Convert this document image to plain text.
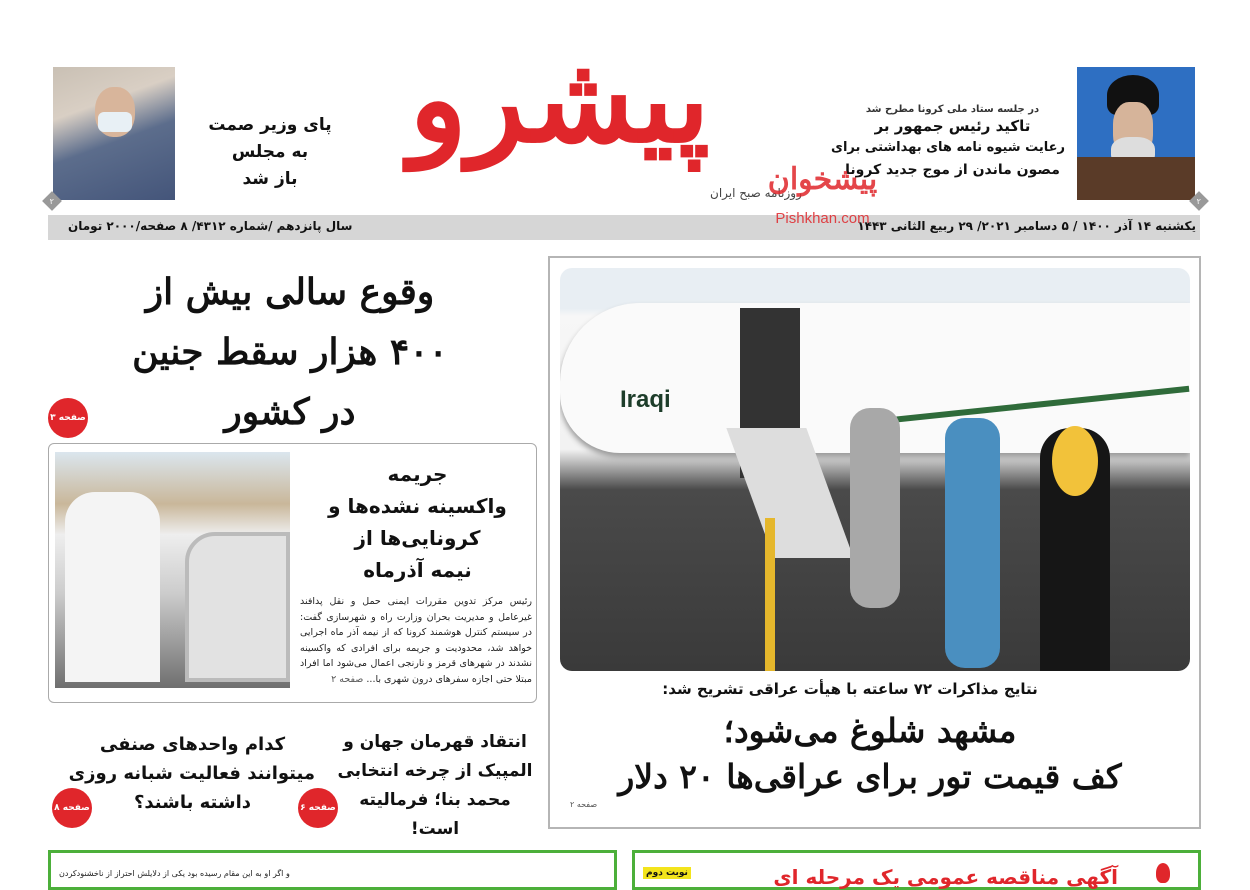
پیشرو
روزنامه صبح ایران
۲
پای وزیر صمت
به مجلس
باز شد
۲
در جلسه ستاد ملی کرونا مطرح شد
تاکید رئیس جمهور بر
رعایت شیوه نامه های بهداشتی برای
مصون ماندن از موج جدید کرونا
سال پانزدهم /شماره ۴۳۱۲/ ۸ صفحه/۲۰۰۰ تومان	یکشنبه ۱۴ آذر ۱۴۰۰ / ۵ دسامبر ۲۰۲۱/ ۲۹ ربیع الثانی ۱۴۴۳
پیشخوان
Pishkhan.com
وقوع سالی بیش از
۴۰۰ هزار سقط جنین
در کشور
صفحه ۳
جریمه
واکسینه نشده‌ها و
کرونایی‌ها از
نیمه آذرماه
رئیس مرکز تدوین مقررات ایمنی حمل و نقل پدافند غیرعامل و مدیریت بحران وزارت راه و شهرسازی گفت: در سیستم کنترل هوشمند کرونا که از نیمه آذر ماه اجرایی خواهد شد، محدودیت و جریمه برای افرادی که واکسینه نشدند در شهرهای قرمز و نارنجی اعمال می‌شود اما افراد مبتلا حتی اجازه سفرهای درون شهری با... صفحه ۲
انتقاد قهرمان جهان و
المپیک از چرخه انتخابی
محمد بنا؛ فرمالیته است!
صفحه ۶
کدام واحدهای صنفی
میتوانند فعالیت شبانه روزی
داشته باشند؟
صفحه ۸
Iraqi
نتایج مذاکرات ۷۲ ساعته با هیأت عراقی تشریح شد:
مشهد شلوغ می‌شود؛
کف قیمت تور برای عراقی‌ها ۲۰ دلار
صفحه ۲
و اگر او به این مقام رسیده بود یکی از دلایلش احتراز از ناخشنودکردن	نوبت دوم	آگهی مناقصه عمومی یک مرحله ای
